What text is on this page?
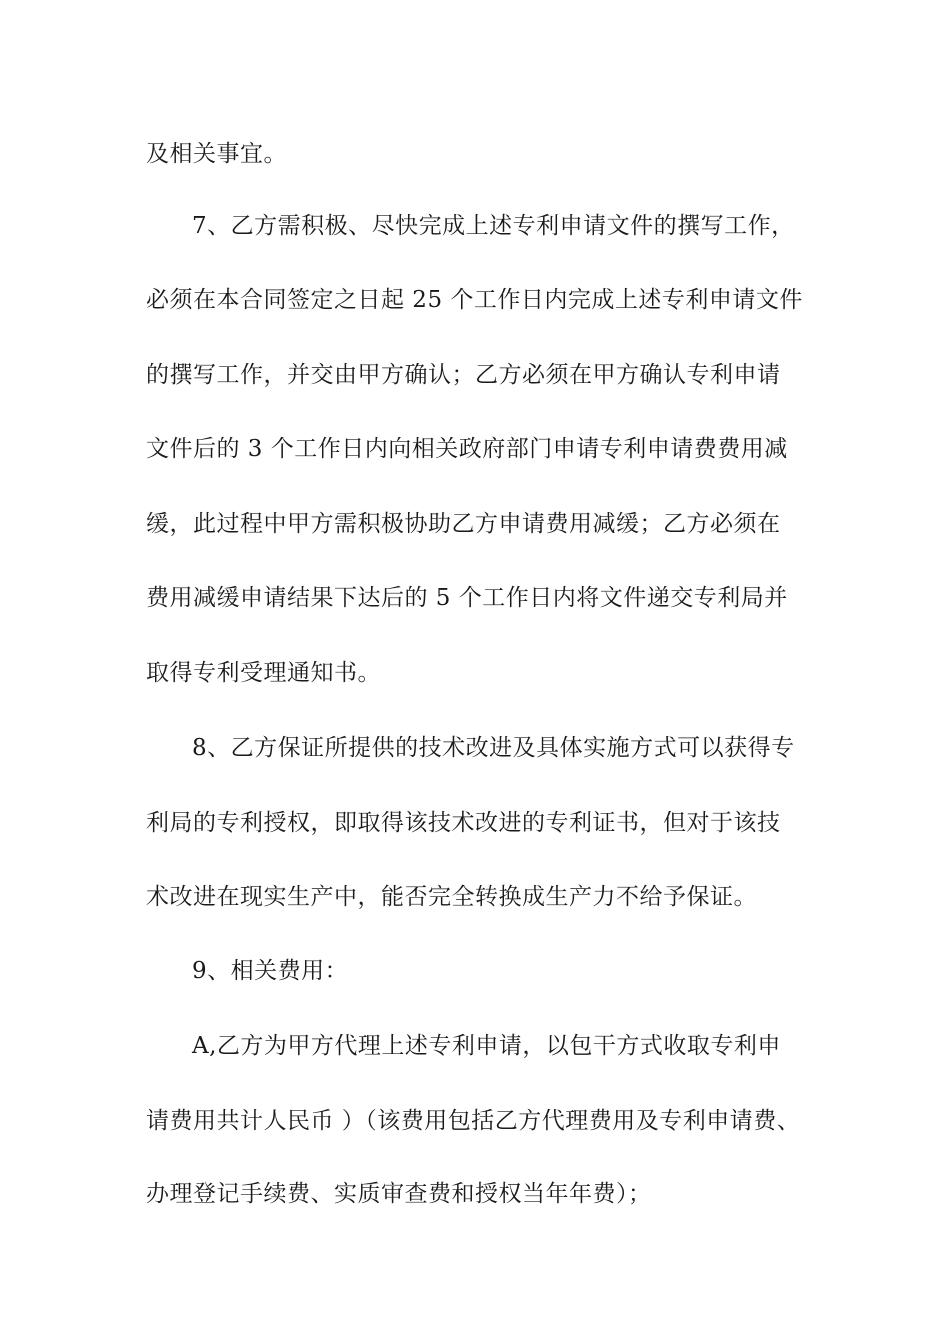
及相关事宜。
7、乙方需积极、尽快完成上述专利申请文件的撰写工作，
必须在本合同签定之日起 25 个工作日内完成上述专利申请文件
的撰写工作，并交由甲方确认；乙方必须在甲方确认专利申请
文件后的 3 个工作日内向相关政府部门申请专利申请费费用减
缓，此过程中甲方需积极协助乙方申请费用减缓；乙方必须在
费用减缓申请结果下达后的 5 个工作日内将文件递交专利局并
取得专利受理通知书。
8、乙方保证所提供的技术改进及具体实施方式可以获得专
利局的专利授权，即取得该技术改进的专利证书，但对于该技
术改进在现实生产中，能否完全转换成生产力不给予保证。
9、相关费用：
A,乙方为甲方代理上述专利申请，以包干方式收取专利申
请费用共计人民币 ）（该费用包括乙方代理费用及专利申请费、
办理登记手续费、实质审查费和授权当年年费）；
